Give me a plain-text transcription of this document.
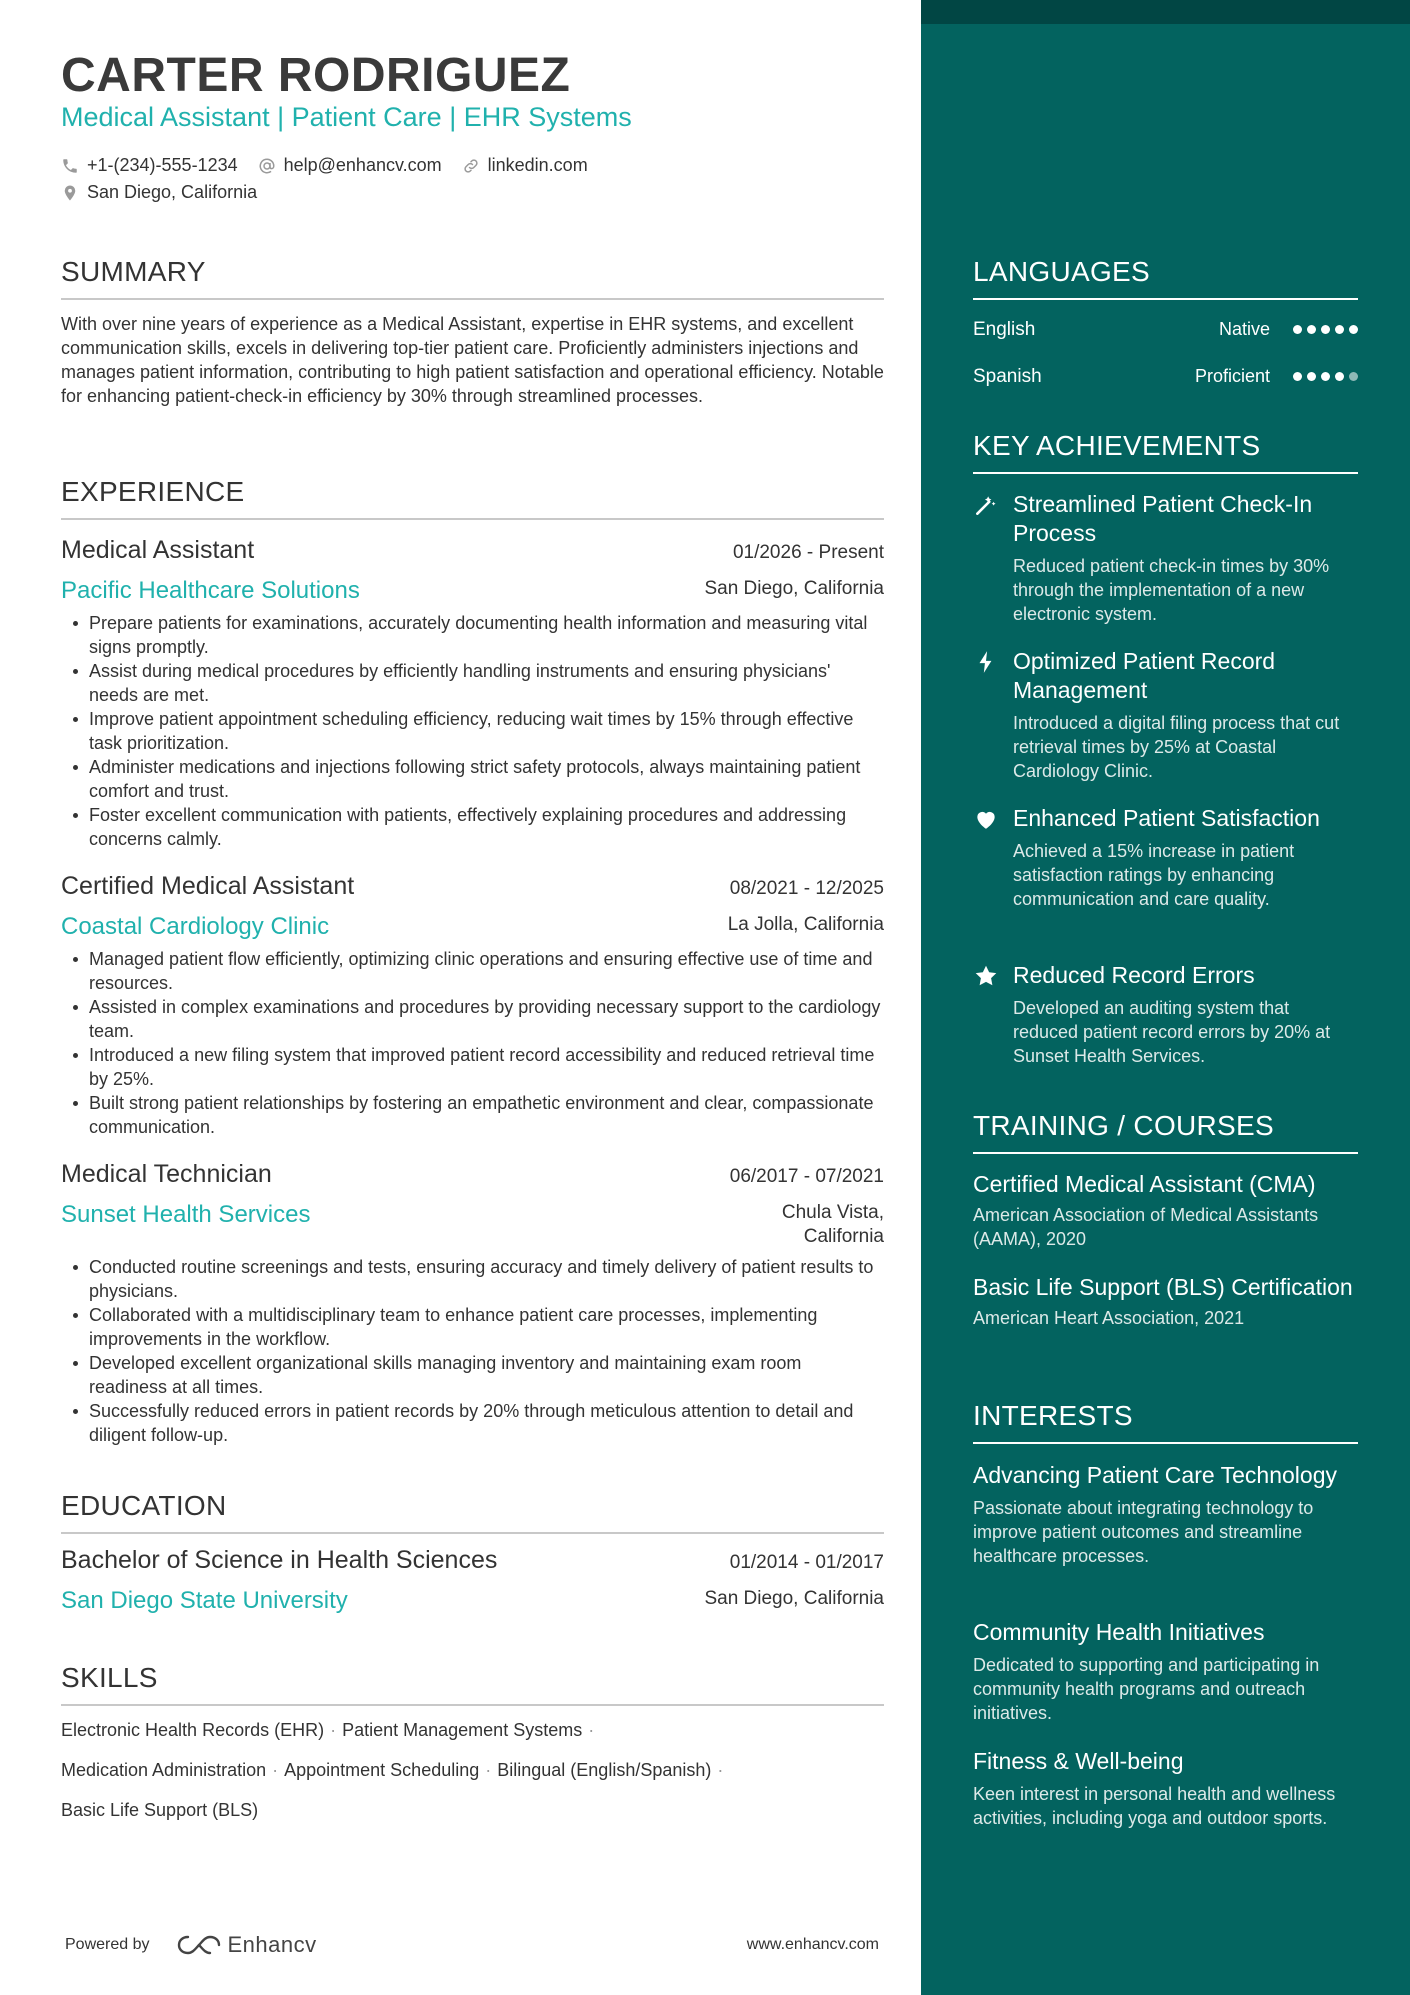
CARTER RODRIGUEZ
Medical Assistant | Patient Care | EHR Systems
+1-(234)-555-1234	help@enhancv.com	linkedin.com
San Diego, California
SUMMARY
With over nine years of experience as a Medical Assistant, expertise in EHR systems, and excellent communication skills, excels in delivering top-tier patient care. Proficiently administers injections and manages patient information, contributing to high patient satisfaction and operational efficiency. Notable for enhancing patient-check-in efficiency by 30% through streamlined processes.
EXPERIENCE
Medical Assistant	01/2026 - Present
Pacific Healthcare Solutions	San Diego, California
Prepare patients for examinations, accurately documenting health information and measuring vital signs promptly.
Assist during medical procedures by efficiently handling instruments and ensuring physicians' needs are met.
Improve patient appointment scheduling efficiency, reducing wait times by 15% through effective task prioritization.
Administer medications and injections following strict safety protocols, always maintaining patient comfort and trust.
Foster excellent communication with patients, effectively explaining procedures and addressing concerns calmly.
Certified Medical Assistant	08/2021 - 12/2025
Coastal Cardiology Clinic	La Jolla, California
Managed patient flow efficiently, optimizing clinic operations and ensuring effective use of time and resources.
Assisted in complex examinations and procedures by providing necessary support to the cardiology team.
Introduced a new filing system that improved patient record accessibility and reduced retrieval time by 25%.
Built strong patient relationships by fostering an empathetic environment and clear, compassionate communication.
Medical Technician	06/2017 - 07/2021
Sunset Health Services	Chula Vista,
California
Conducted routine screenings and tests, ensuring accuracy and timely delivery of patient results to physicians.
Collaborated with a multidisciplinary team to enhance patient care processes, implementing improvements in the workflow.
Developed excellent organizational skills managing inventory and maintaining exam room readiness at all times.
Successfully reduced errors in patient records by 20% through meticulous attention to detail and diligent follow-up.
EDUCATION
Bachelor of Science in Health Sciences	01/2014 - 01/2017
San Diego State University	San Diego, California
SKILLS
Electronic Health Records (EHR) · Patient Management Systems ·
Medication Administration · Appointment Scheduling · Bilingual (English/Spanish) ·
Basic Life Support (BLS)
Powered by	Enhancv	www.enhancv.com
LANGUAGES
English	Native
Spanish	Proficient
KEY ACHIEVEMENTS
Streamlined Patient Check-In Process
Reduced patient check-in times by 30% through the implementation of a new electronic system.
Optimized Patient Record Management
Introduced a digital filing process that cut retrieval times by 25% at Coastal Cardiology Clinic.
Enhanced Patient Satisfaction
Achieved a 15% increase in patient satisfaction ratings by enhancing communication and care quality.
Reduced Record Errors
Developed an auditing system that reduced patient record errors by 20% at Sunset Health Services.
TRAINING / COURSES
Certified Medical Assistant (CMA)
American Association of Medical Assistants (AAMA), 2020
Basic Life Support (BLS) Certification
American Heart Association, 2021
INTERESTS
Advancing Patient Care Technology
Passionate about integrating technology to improve patient outcomes and streamline healthcare processes.
Community Health Initiatives
Dedicated to supporting and participating in community health programs and outreach initiatives.
Fitness & Well-being
Keen interest in personal health and wellness activities, including yoga and outdoor sports.
